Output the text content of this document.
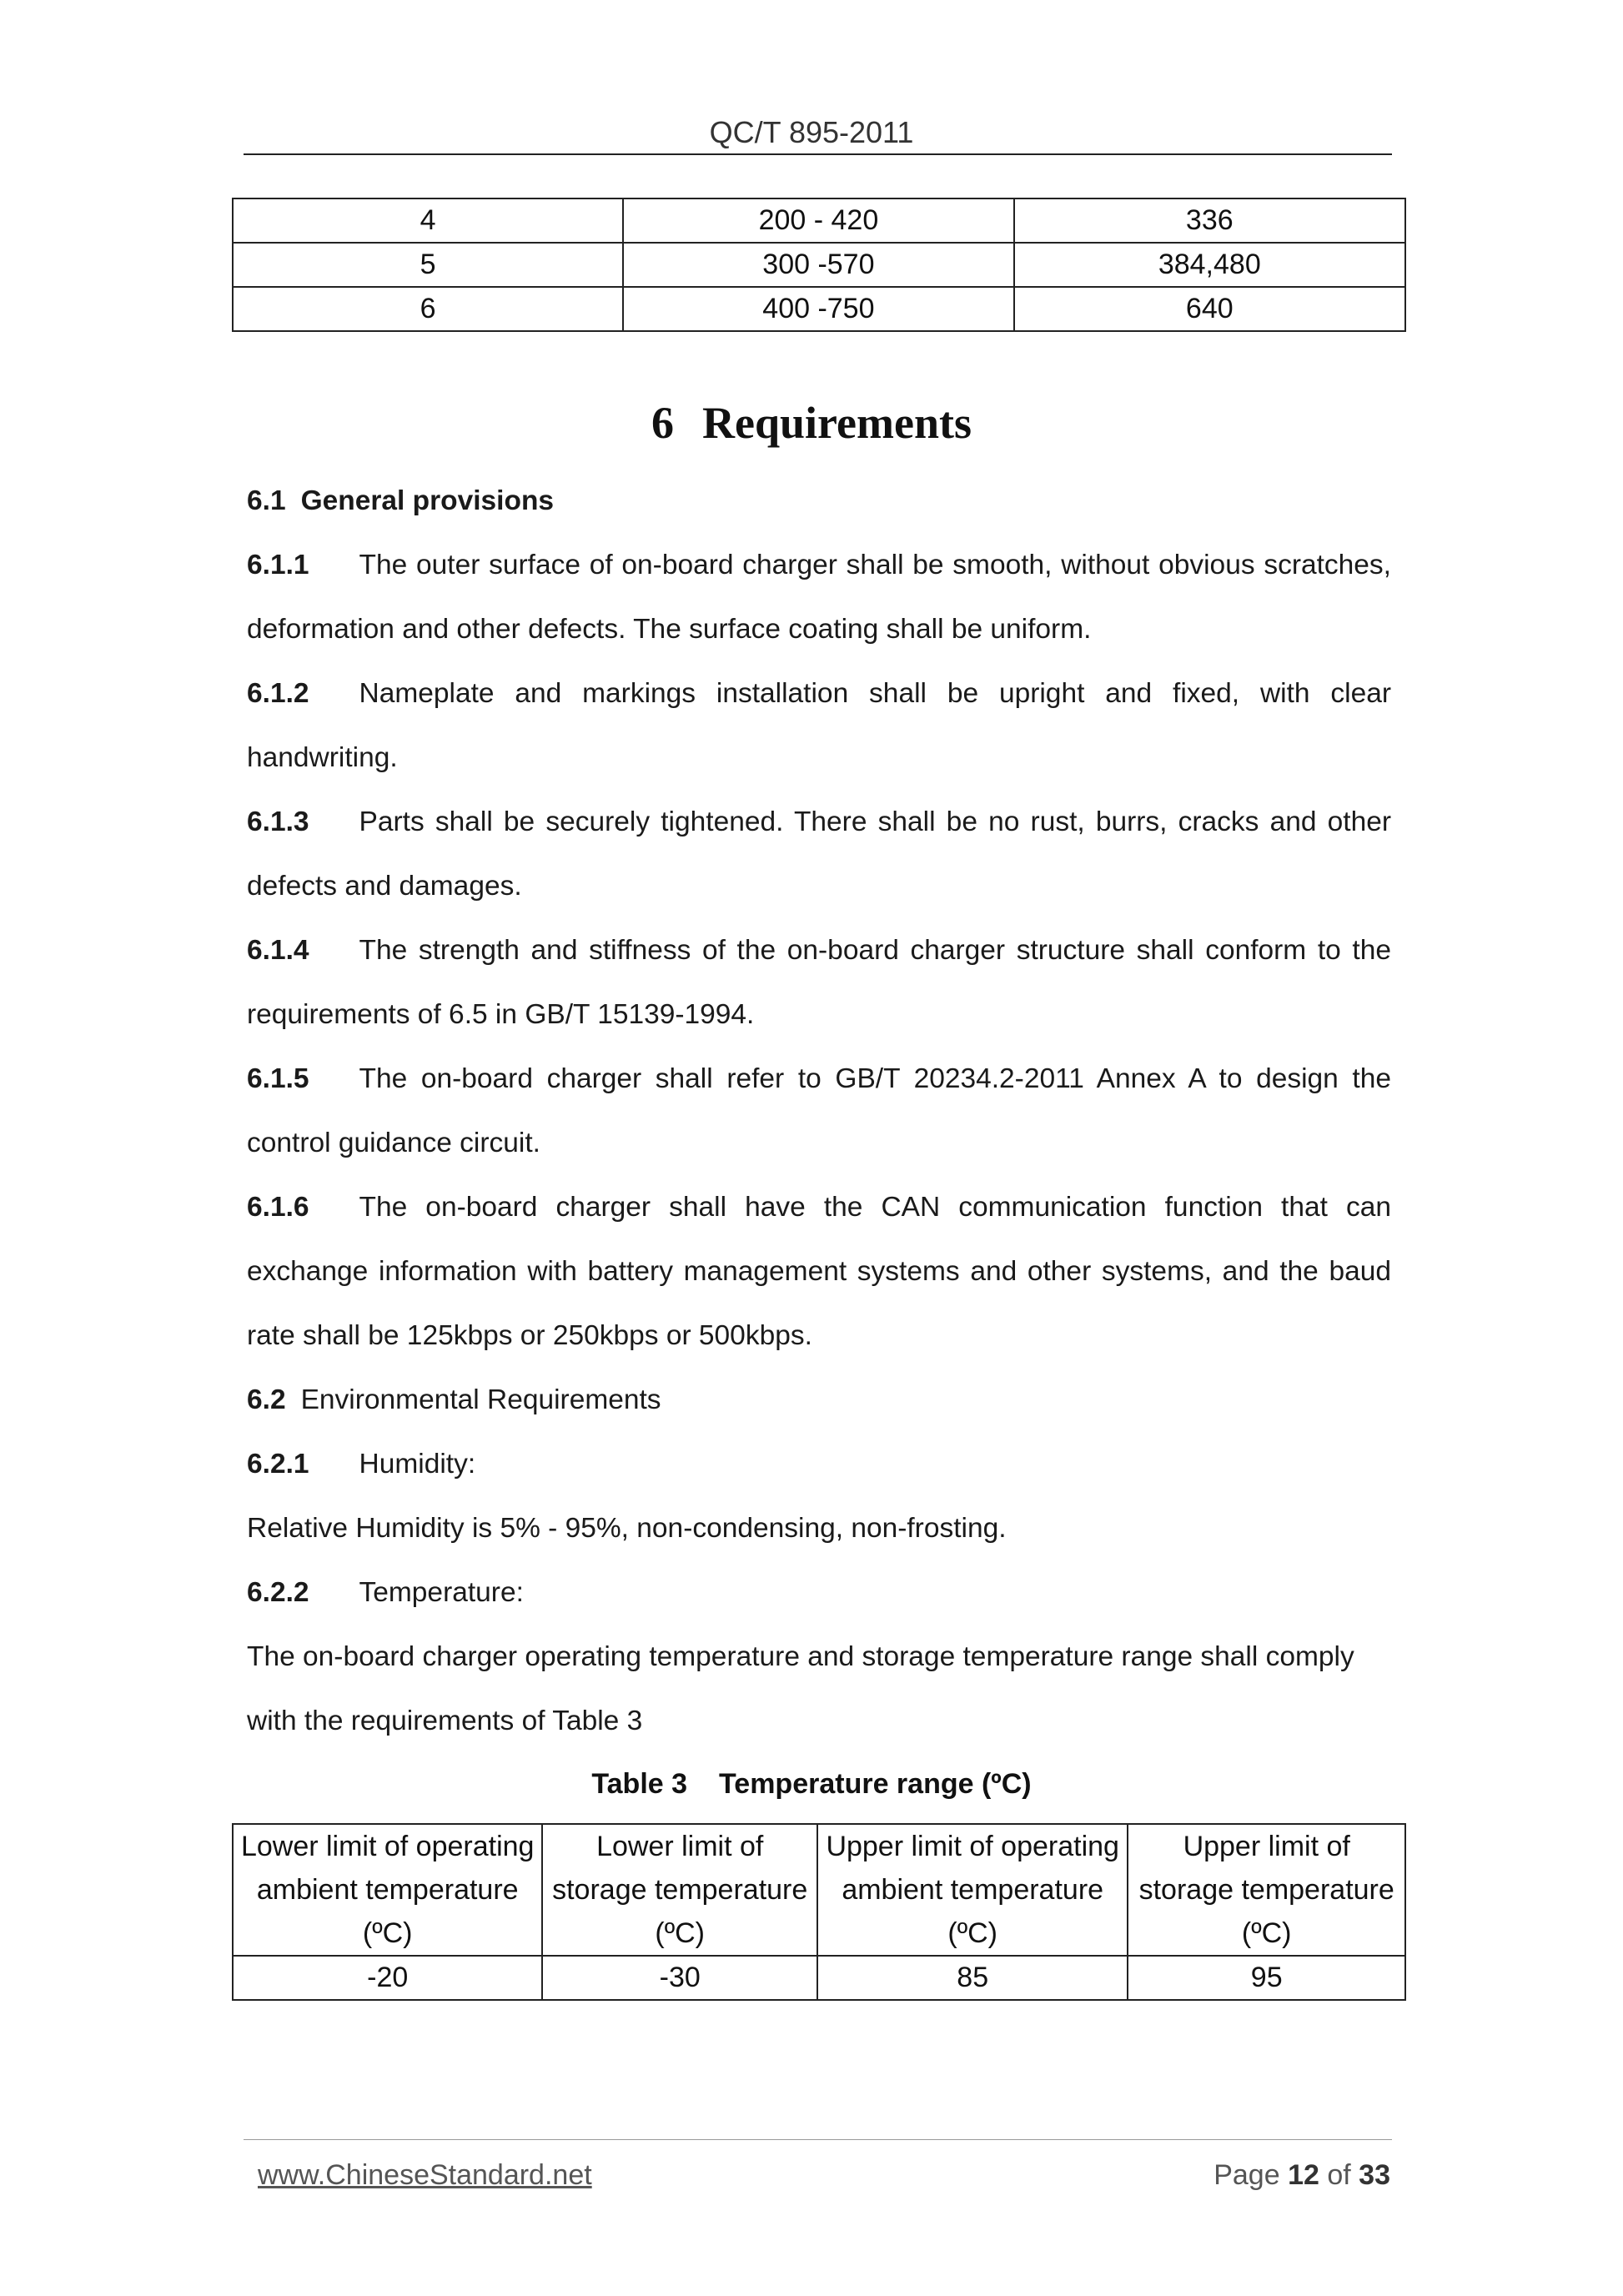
QC/T 895-2011
4	200 - 420	336
5	300 -570	384,480
6	400 -750	640
6 Requirements

6.1 General provisions

6.1.1 The outer surface of on-board charger shall be smooth, without obvious scratches, deformation and other defects. The surface coating shall be uniform.

6.1.2 Nameplate and markings installation shall be upright and fixed, with clear handwriting.

6.1.3 Parts shall be securely tightened. There shall be no rust, burrs, cracks and other defects and damages.

6.1.4 The strength and stiffness of the on-board charger structure shall conform to the requirements of 6.5 in GB/T 15139-1994.

6.1.5 The on-board charger shall refer to GB/T 20234.2-2011 Annex A to design the control guidance circuit.

6.1.6 The on-board charger shall have the CAN communication function that can exchange information with battery management systems and other systems, and the baud rate shall be 125kbps or 250kbps or 500kbps.

6.2 Environmental Requirements

6.2.1 Humidity:

Relative Humidity is 5% - 95%, non-condensing, non-frosting.

6.2.2 Temperature:

The on-board charger operating temperature and storage temperature range shall comply with the requirements of Table 3

Table 3 Temperature range (ºC)
Lower limit of operating ambient temperature (ºC)	Lower limit of storage temperature (ºC)	Upper limit of operating ambient temperature (ºC)	Upper limit of storage temperature (ºC)
-20	-30	85	95
www.ChineseStandard.net	Page 12 of 33
